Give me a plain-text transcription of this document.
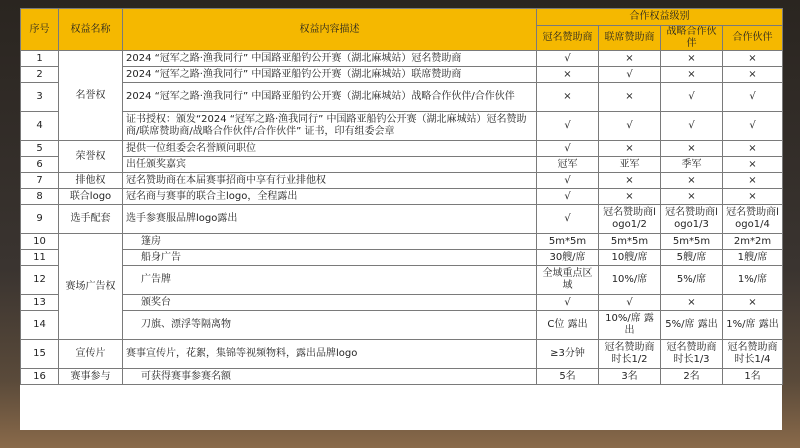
序号	权益名称	权益内容描述	合作权益级别			
			冠名赞助商	联席赞助商	战略合作伙伴	合作伙伴
1	名誉权	2024 “冠军之路·渔我同行” 中国路亚船钓公开赛（湖北麻城站）冠名赞助商	√	×	×	×
2		2024 “冠军之路·渔我同行” 中国路亚船钓公开赛（湖北麻城站）联席赞助商	×	√	×	×
3		2024 “冠军之路·渔我同行” 中国路亚船钓公开赛（湖北麻城站）战略合作伙伴/合作伙伴	×	×	√	√
4		证书授权：颁发“2024 “冠军之路·渔我同行” 中国路亚船钓公开赛（湖北麻城站）冠名赞助商/联席赞助商/战略合作伙伴/合作伙伴” 证书，印有组委会章	√	√	√	√
5	荣誉权	提供一位组委会名誉顾问职位	√	×	×	×
6		出任颁奖嘉宾	冠军	亚军	季军	×
7	排他权	冠名赞助商在本届赛事招商中享有行业排他权	√	×	×	×
8	联合logo	冠名商与赛事的联合主logo，全程露出	√	×	×	×
9	选手配套	选手参赛服品牌logo露出	√	冠名赞助商logo1/2	冠名赞助商logo1/3	冠名赞助商logo1/4
10	赛场广告权	篷房	5m*5m	5m*5m	5m*5m	2m*2m
11		船身广告	30艘/席	10艘/席	5艘/席	1艘/席
12		广告牌	全域重点区域	10%/席	5%/席	1%/席
13		颁奖台	√	√	×	×
14		刀旗、漂浮等隔离物	C位 露出	10%/席 露出	5%/席 露出	1%/席 露出
15	宣传片	赛事宣传片，花絮，集锦等视频物料，露出品牌logo	≥3分钟	冠名赞助商时长1/2	冠名赞助商时长1/3	冠名赞助商时长1/4
16	赛事参与	可获得赛事参赛名额	5名	3名	2名	1名
